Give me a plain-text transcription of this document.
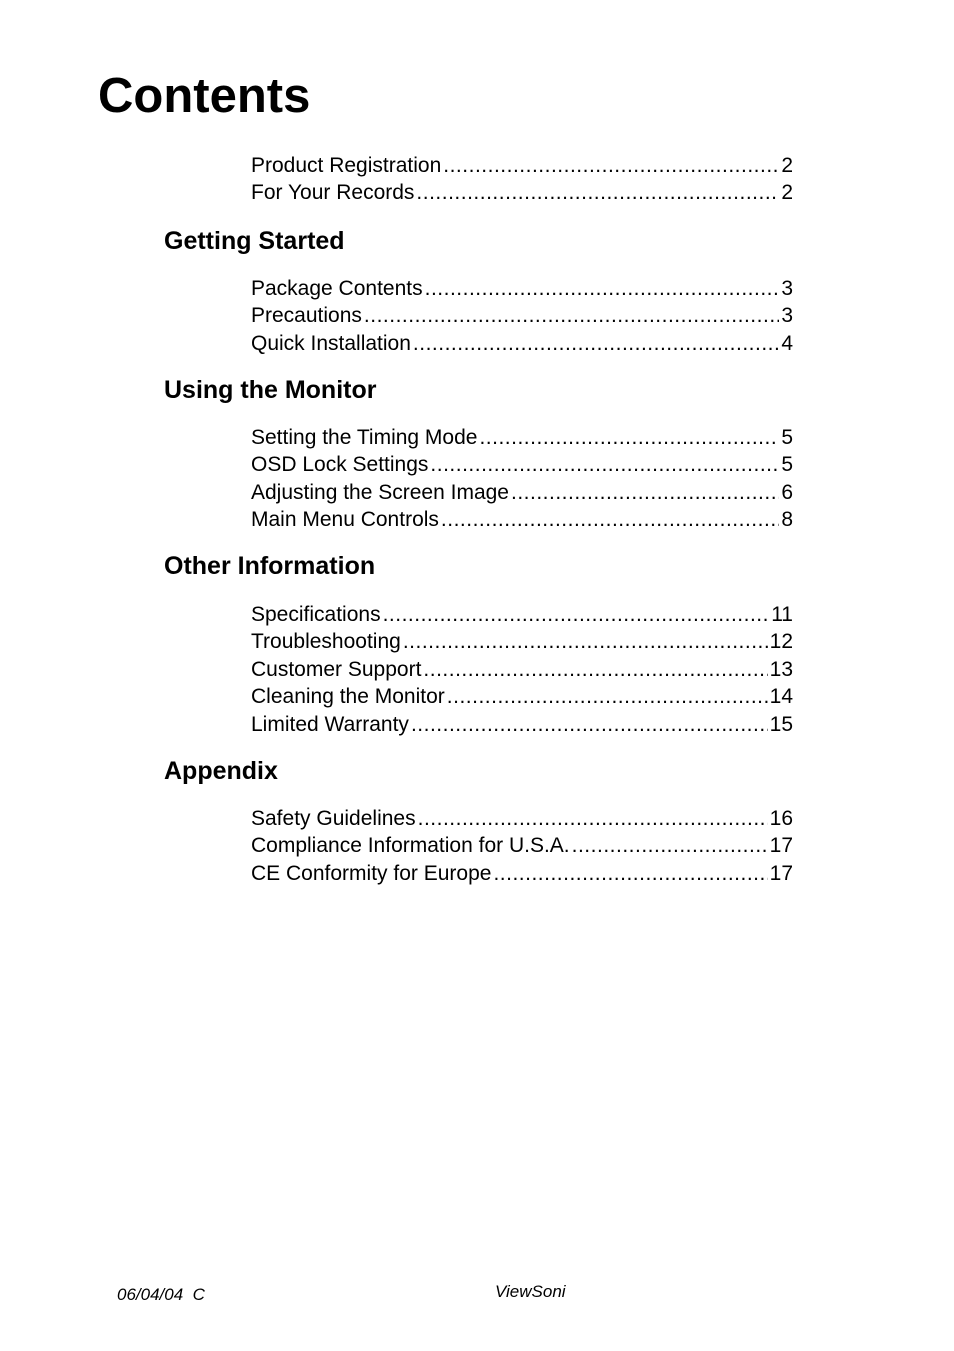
Contents
Product Registration .....	2
For Your Records .....	2
Getting Started
Package Contents .....	3
Precautions .....	3
Quick Installation .....	4
Using the Monitor
Setting the Timing Mode .....	5
OSD Lock Settings .....	5
Adjusting the Screen Image .....	6
Main Menu Controls .....	8
Other Information
Specifications .....	11
Troubleshooting .....	12
Customer Support .....	13
Cleaning the Monitor .....	14
Limited Warranty .....	15
Appendix
Safety Guidelines .....	16
Compliance Information for U.S.A. .....	17
CE Conformity for Europe .....	17
06/04/04  C	ViewSoni
